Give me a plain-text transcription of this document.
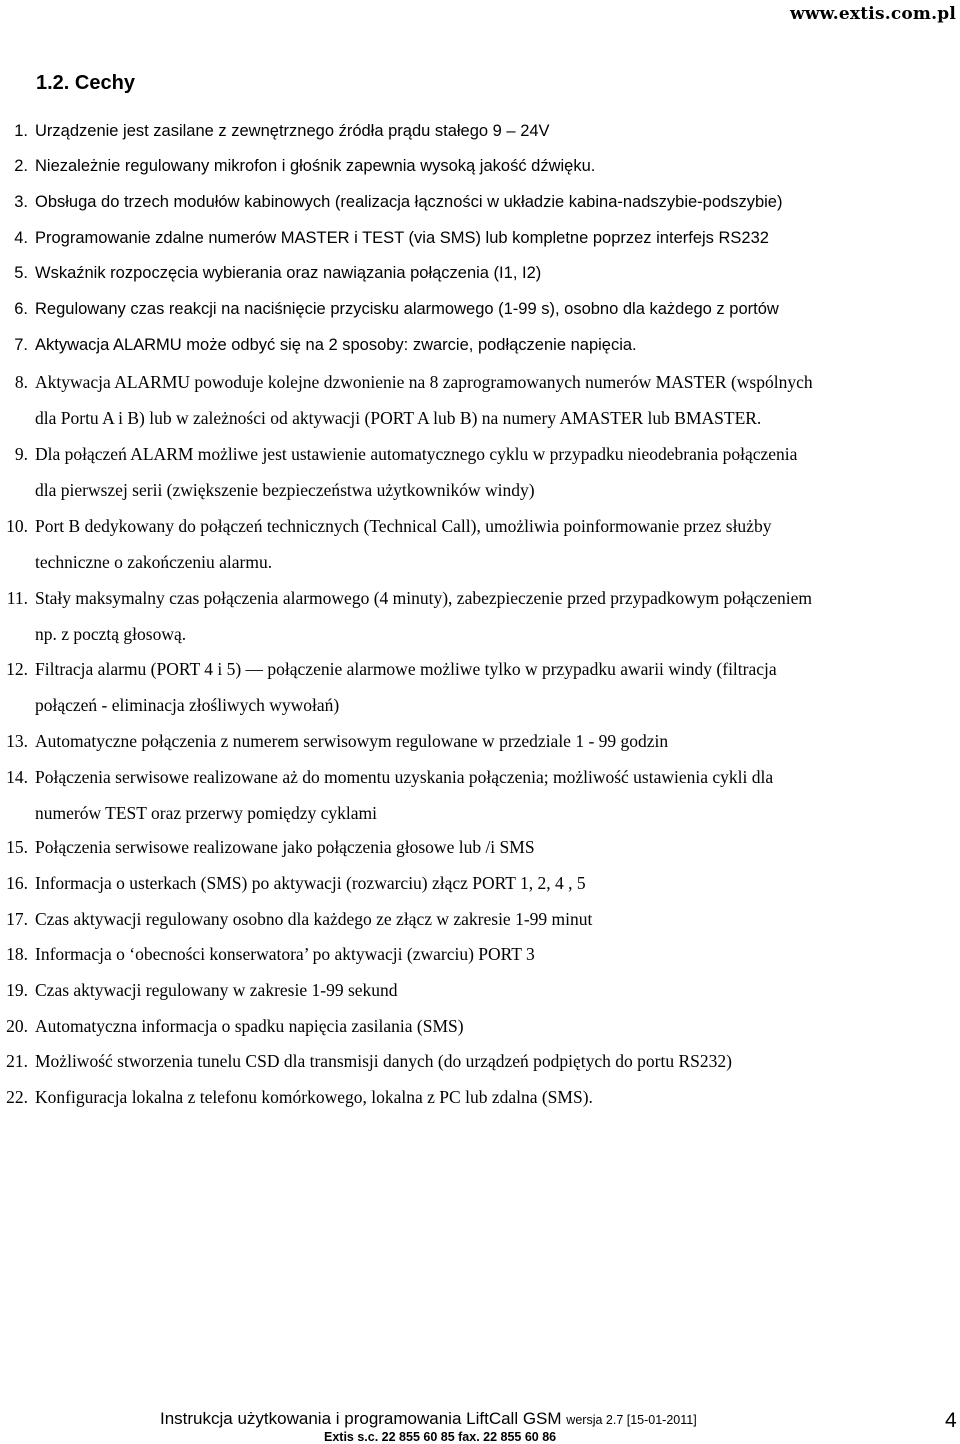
www.extis.com.pl
1.2. Cechy
1. Urządzenie jest zasilane z zewnętrznego źródła prądu stałego 9 – 24V
2. Niezależnie regulowany mikrofon i głośnik zapewnia wysoką jakość dźwięku.
3. Obsługa do trzech modułów kabinowych (realizacja łączności w układzie kabina-nadszybie-podszybie)
4. Programowanie zdalne numerów MASTER i TEST (via SMS) lub kompletne poprzez interfejs RS232
5. Wskaźnik rozpoczęcia wybierania oraz nawiązania połączenia (I1, I2)
6. Regulowany czas reakcji na naciśnięcie przycisku alarmowego (1-99 s), osobno dla każdego z portów
7. Aktywacja ALARMU może odbyć się na 2 sposoby: zwarcie, podłączenie napięcia.
8. Aktywacja ALARMU powoduje kolejne dzwonienie na 8 zaprogramowanych numerów MASTER (wspólnych
dla Portu A i B) lub w zależności od aktywacji (PORT A lub B) na numery AMASTER lub BMASTER.
9. Dla połączeń ALARM możliwe jest ustawienie automatycznego cyklu w przypadku nieodebrania połączenia
dla pierwszej serii (zwiększenie bezpieczeństwa użytkowników windy)
10. Port B dedykowany do połączeń technicznych (Technical Call), umożliwia poinformowanie przez służby
techniczne o zakończeniu alarmu.
11. Stały maksymalny czas połączenia alarmowego (4 minuty), zabezpieczenie przed przypadkowym połączeniem
np. z pocztą głosową.
12. Filtracja alarmu (PORT 4 i 5) — połączenie alarmowe możliwe tylko w przypadku awarii windy (filtracja
połączeń - eliminacja złośliwych wywołań)
13. Automatyczne połączenia z numerem serwisowym regulowane w przedziale 1 - 99 godzin
14. Połączenia serwisowe realizowane aż do momentu uzyskania połączenia; możliwość ustawienia cykli dla
numerów TEST oraz przerwy pomiędzy cyklami
15. Połączenia serwisowe realizowane jako połączenia głosowe lub /i SMS
16. Informacja o usterkach (SMS) po aktywacji (rozwarciu) złącz PORT 1, 2, 4 , 5
17. Czas aktywacji regulowany osobno dla każdego ze złącz w zakresie 1-99 minut
18. Informacja o ‘obecności konserwatora’ po aktywacji (zwarciu) PORT 3
19. Czas aktywacji regulowany w zakresie 1-99 sekund
20. Automatyczna informacja o spadku napięcia zasilania (SMS)
21. Możliwość stworzenia tunelu CSD dla transmisji danych (do urządzeń podpiętych do portu RS232)
22. Konfiguracja lokalna z telefonu komórkowego, lokalna z PC lub zdalna (SMS).
Instrukcja użytkowania i programowania LiftCall GSM wersja 2.7 [15-01-2011]
Extis s.c. 22 855 60 85 fax. 22 855 60 86
4
